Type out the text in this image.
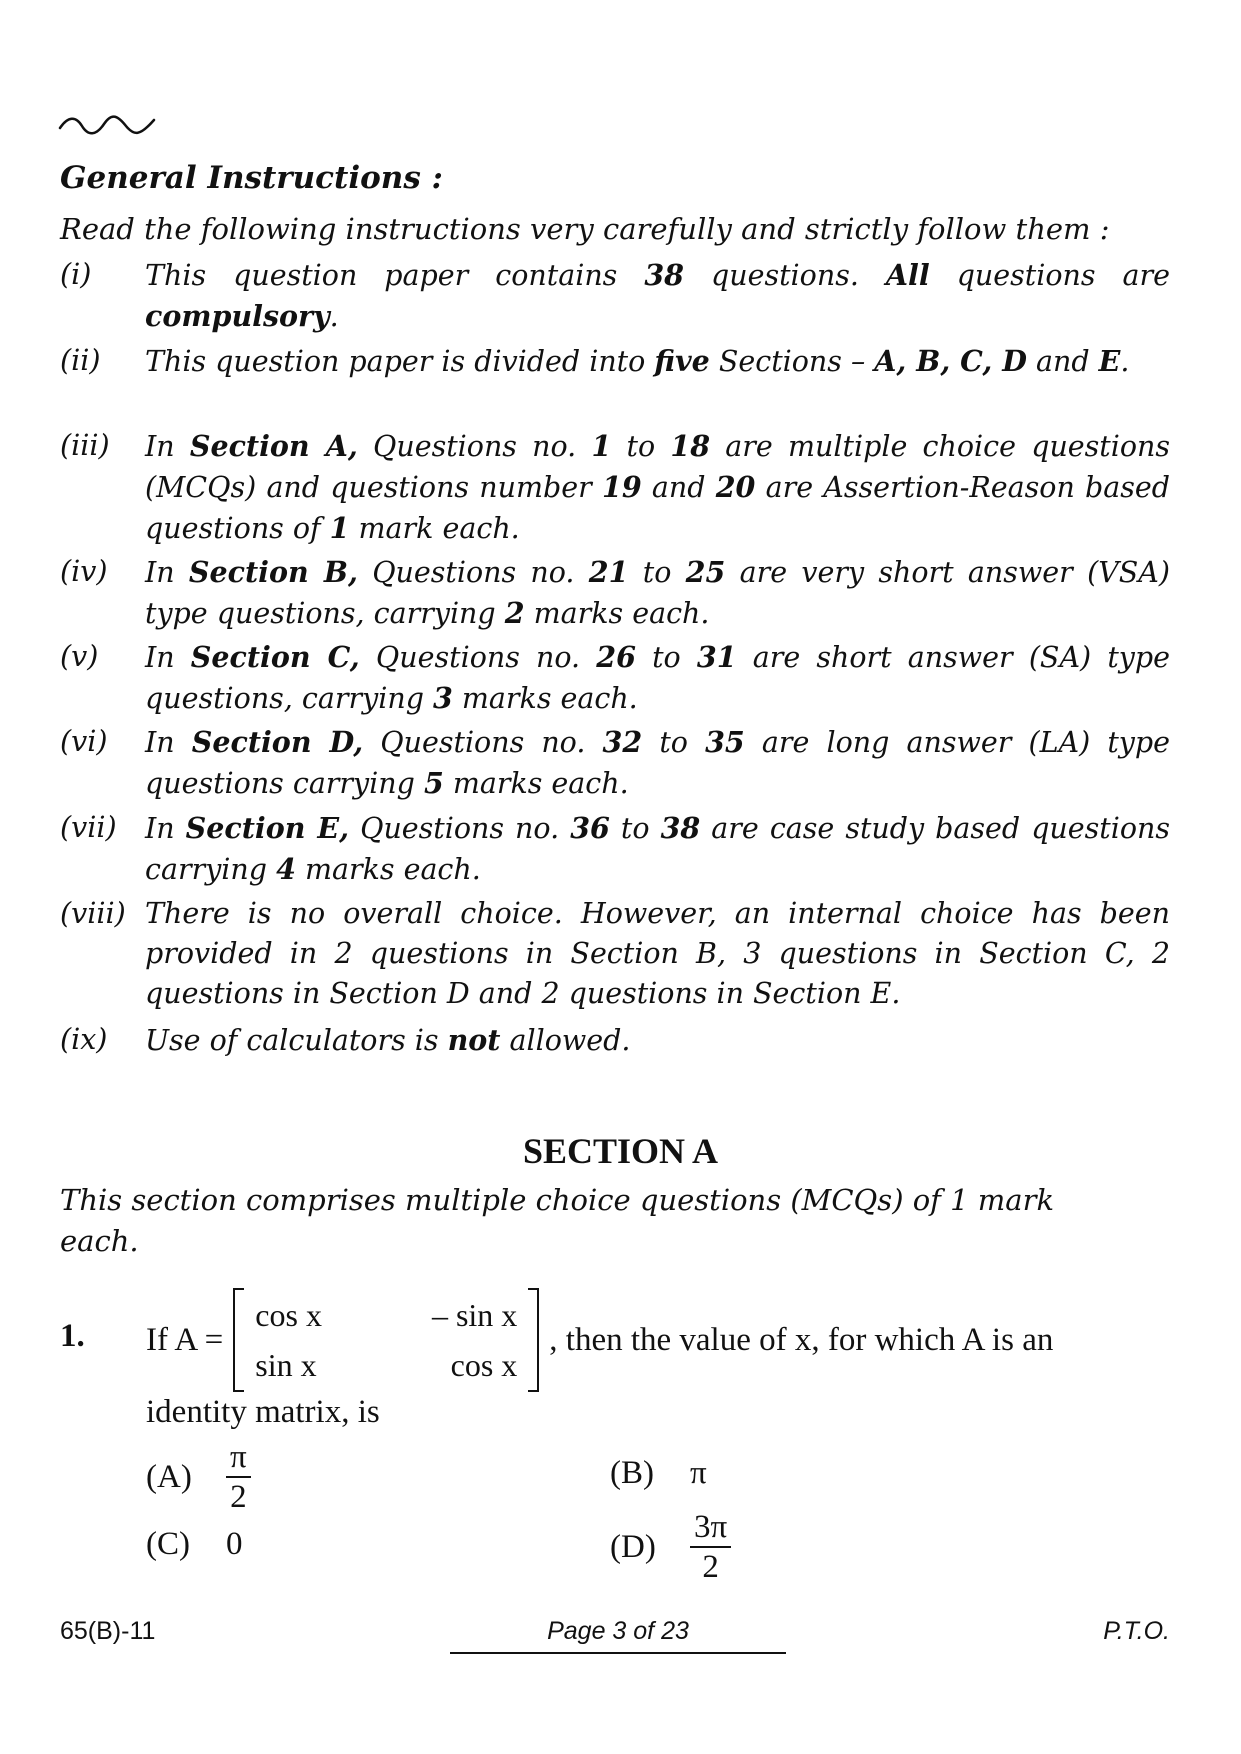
General Instructions :
Read the following instructions very carefully and strictly follow them :
(i)	This question paper contains 38 questions. All questions are compulsory.
(ii)	This question paper is divided into five Sections – A, B, C, D and E.
(iii)	In Section A, Questions no. 1 to 18 are multiple choice questions (MCQs) and questions number 19 and 20 are Assertion-Reason based questions of 1 mark each.
(iv)	In Section B, Questions no. 21 to 25 are very short answer (VSA) type questions, carrying 2 marks each.
(v)	In Section C, Questions no. 26 to 31 are short answer (SA) type questions, carrying 3 marks each.
(vi)	In Section D, Questions no. 32 to 35 are long answer (LA) type questions carrying 5 marks each.
(vii) In Section E, Questions no. 36 to 38 are case study based questions carrying 4 marks each.
(viii) There is no overall choice. However, an internal choice has been provided in 2 questions in Section B, 3 questions in Section C, 2 questions in Section D and 2 questions in Section E.
(ix)	Use of calculators is not allowed.
SECTION A
This section comprises multiple choice questions (MCQs) of 1 mark each.
1. If A =
cos x	– sin x
sin x	cos x
, then the value of x, for which A is an
identity matrix, is
(A)	$\frac{\pi}{2}$	(B)	π
(C)	0	(D)	$\frac{3\pi}{2}$
65(B)-11	Page 3 of 23	P.T.O.
